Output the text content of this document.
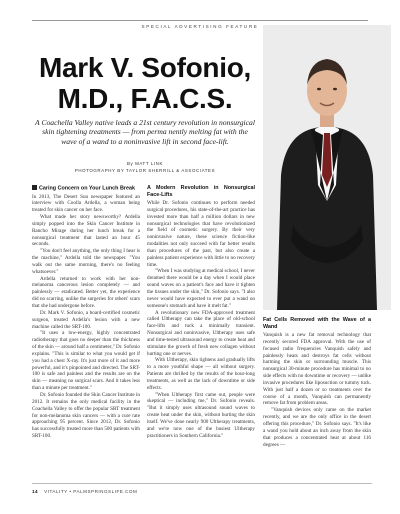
SPECIAL ADVERTISING FEATURE
Mark V. Sofonio,
M.D., F.A.C.S.
A Coachella Valley native leads a 21st century revolution in nonsurgical skin tightening treatments — from perma nently melting fat with the wave of a wand to a noninvasive lift in second face-lift.
By MATT LINK
PHOTOGRAPHY BY TAYLOR SHERRILL & ASSOCIATES
Caring Concern on Your Lunch Break

In 2013, The Desert Sun newspaper featured an interview with Coolla Ardella, a woman being treated for skin cancer on her face.

What made her story newsworthy? Ardella simply popped into the Skin Cancer Institute in Rancho Mirage during her lunch break for a nonsurgical treatment that lasted an hour 45 seconds.

"You don't feel anything, the only thing I hear is the machine," Ardella told the newspaper. "You walk out the same morning, there's no feeling whatsoever."

Ardella returned to work with her non-melanoma cancerous lesion completely — and painlessly — eradicated. Better yet, the experience did no scarring, unlike the surgeries for others' scars that she had undergone before.

Dr. Mark V. Sofonio, a board-certified cosmetic surgeon, treated Ardella's lesion with a new machine called the SRT-100.

"It uses a low-energy, highly concentrated radiotherapy that goes no deeper than the thickness of the skin — around half a centimeter," Dr. Sofonio explains. "This is similar to what you would get if you had a chest X-ray. It's just more of it and more powerful, and it's pinpointed and directed. The SRT-100 is safe and painless and the results are on the skin — meaning no surgical scars. And it takes less than a minute per treatment."

Dr. Sofonio founded the Skin Cancer Institute in 2012. It remains the only medical facility in the Coachella Valley to offer the popular SRT treatment for non-melanoma skin cancers — with a cure rate approaching 95 percent. Since 2012, Dr. Sofonio has successfully treated more than 500 patients with SRT-100.

A Modern Revolution in Nonsurgical Face-Lifts

While Dr. Sofonio continues to perform needed surgical procedures, his state-of-the-art practice has invested more than half a million dollars in new nonsurgical technologies that have revolutionized the field of cosmetic surgery. By their very noninvasive nature, these science fiction-like modalities not only succeed with far better results than procedures of the past, but also create a painless patient experience with little to no recovery time.

"When I was studying at medical school, I never dreamed there would be a day when I would place sound waves on a patient's face and have it tighten the tissues under the skin," Dr. Sofonio says. "I also never would have expected to ever put a wand on someone's stomach and have it melt fat."

A revolutionary new FDA-approved treatment called Ultherapy can take the place of old-school face-lifts and tuck a minimally transient. Nonsurgical and noninvasive, Ultherapy uses safe and time-tested ultrasound energy to create heat and stimulate the growth of fresh new collagen without hurting one or nerves.

With Ultherapy, skin tightens and gradually lifts to a more youthful shape — all without surgery. Patients are thrilled by the results of the hour-long treatments, as well as the lack of downtime or side effects.

"When Ultherapy first came out, people were skeptical — including me," Dr. Sofonio reveals. "But it simply uses ultrasound sound waves to create heat under the skin, without hurting the skin itself. We've done nearly 900 Ultherapy treatments, and we're now one of the busiest Ultherapy practitioners in Southern California."

Fat Cells Removed with the Wave of a Wand

Vanquish is a new fat removal technology that recently secured FDA approval. With the use of focused radio frequencies Vanquish safely and painlessly heats and destroys fat cells without harming the skin or surrounding muscle. This nonsurgical 30-minute procedure has minimal to no side effects with no downtime or recovery — unlike invasive procedures like liposuction or tummy tuck. With just half a dozen or so treatments over the course of a month, Vanquish can permanently remove fat from problem areas.

"Vanquish devices only came on the market recently, and we are the only office in the desert offering this procedure," Dr. Sofonio says. "It's like a wand you hold about an inch away from the skin that produces a concentrated heat at about 116 degrees —

14 VITALITY • PALMSPRINGSLIFE.COM
